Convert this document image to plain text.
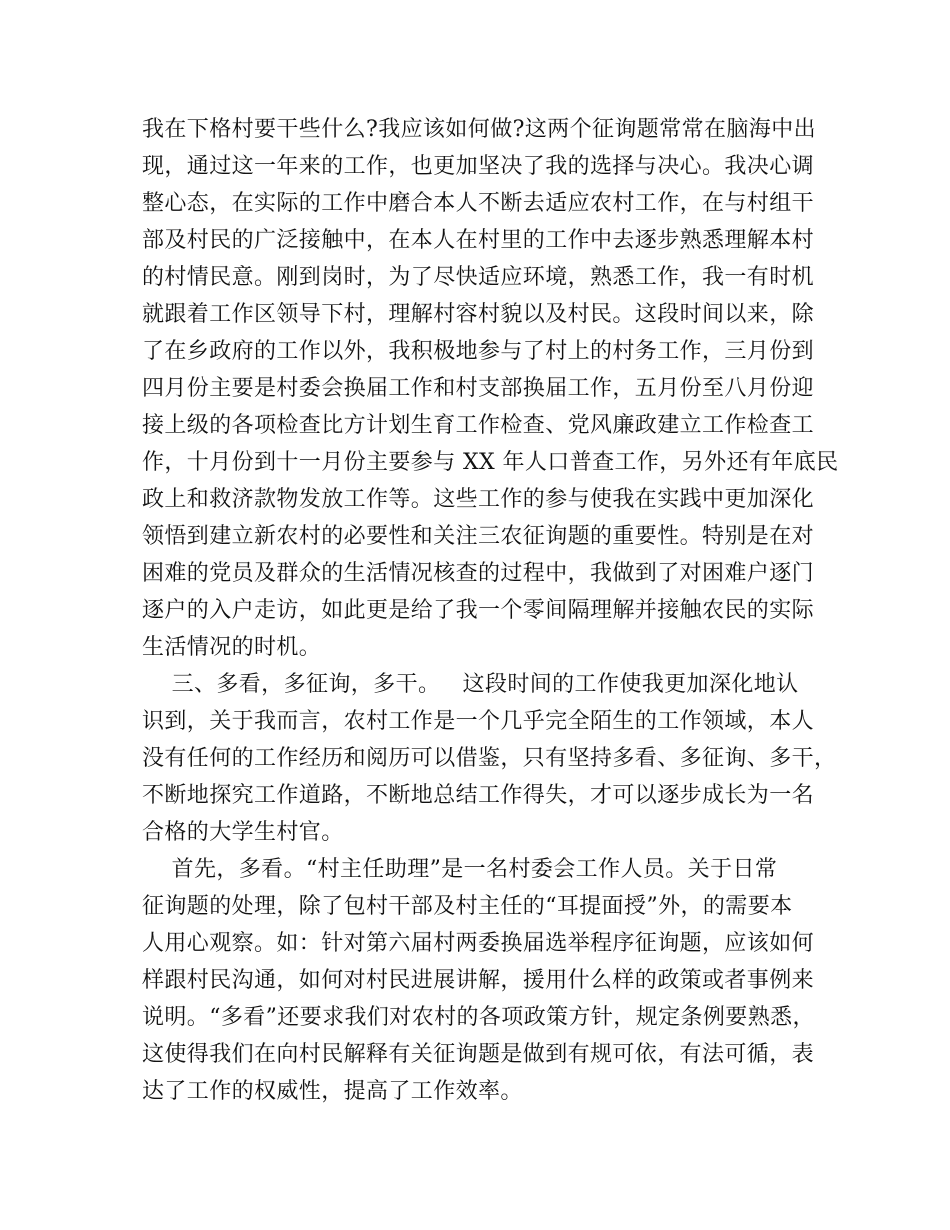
我在下格村要干些什么?我应该如何做?这两个征询题常常在脑海中出
现，通过这一年来的工作，也更加坚决了我的选择与决心。我决心调
整心态，在实际的工作中磨合本人不断去适应农村工作，在与村组干
部及村民的广泛接触中，在本人在村里的工作中去逐步熟悉理解本村
的村情民意。刚到岗时，为了尽快适应环境，熟悉工作，我一有时机
就跟着工作区领导下村，理解村容村貌以及村民。这段时间以来，除
了在乡政府的工作以外，我积极地参与了村上的村务工作，三月份到
四月份主要是村委会换届工作和村支部换届工作，五月份至八月份迎
接上级的各项检查比方计划生育工作检查、党风廉政建立工作检查工
作，十月份到十一月份主要参与 XX 年人口普查工作，另外还有年底民
政上和救济款物发放工作等。这些工作的参与使我在实践中更加深化
领悟到建立新农村的必要性和关注三农征询题的重要性。特别是在对
困难的党员及群众的生活情况核查的过程中，我做到了对困难户逐门
逐户的入户走访，如此更是给了我一个零间隔理解并接触农民的实际
生活情况的时机。
三、多看，多征询，多干。   这段时间的工作使我更加深化地认
识到，关于我而言，农村工作是一个几乎完全陌生的工作领域，本人
没有任何的工作经历和阅历可以借鉴，只有坚持多看、多征询、多干，
不断地探究工作道路，不断地总结工作得失，才可以逐步成长为一名
合格的大学生村官。
首先，多看。“村主任助理”是一名村委会工作人员。关于日常
征询题的处理，除了包村干部及村主任的“耳提面授”外，的需要本
人用心观察。如：针对第六届村两委换届选举程序征询题，应该如何
样跟村民沟通，如何对村民进展讲解，援用什么样的政策或者事例来
说明。“多看”还要求我们对农村的各项政策方针，规定条例要熟悉，
这使得我们在向村民解释有关征询题是做到有规可依，有法可循，表
达了工作的权威性，提高了工作效率。
